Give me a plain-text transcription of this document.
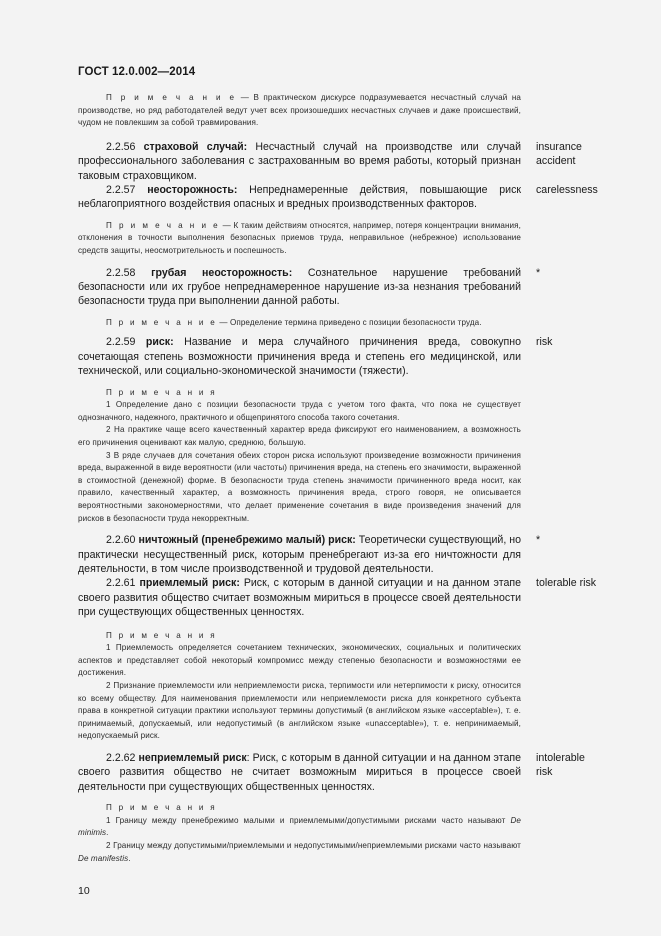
ГОСТ 12.0.002—2014

П р и м е ч а н и е — В практическом дискурсе подразумевается несчастный случай на производстве, но ряд работодателей ведут учет всех произошедших несчастных случаев и даже происшествий, чудом не повлекшим за собой травмирования.

2.2.56 страховой случай: Несчастный случай на производстве или случай профессионального заболевания с застрахованным во время работы, который признан таковым страховщиком.

insurance
accident

2.2.57 неосторожность: Непреднамеренные действия, повышающие риск неблагоприятного воздействия опасных и вредных производственных факторов.

carelessness

П р и м е ч а н и е — К таким действиям относятся, например, потеря концентрации внимания, отклонения в точности выполнения безопасных приемов труда, неправильное (небрежное) использование средств защиты, неосмотрительность и поспешность.

2.2.58 грубая неосторожность: Сознательное нарушение требований безопасности или их грубое непреднамеренное нарушение из-за незнания требований безопасности труда при выполнении данной работы.

*

П р и м е ч а н и е — Определение термина приведено с позиции безопасности труда.

2.2.59 риск: Название и мера случайного причинения вреда, совокупно сочетающая степень возможности причинения вреда и степень его медицинской, или технической, или социально-экономической значимости (тяжести).

risk

П р и м е ч а н и я

1 Определение дано с позиции безопасности труда с учетом того факта, что пока не существует однозначного, надежного, практичного и общепринятого способа такого сочетания.

2 На практике чаще всего качественный характер вреда фиксируют его наименованием, а возможность его причинения оценивают как малую, среднюю, большую.

3 В ряде случаев для сочетания обеих сторон риска используют произведение возможности причинения вреда, выраженной в виде вероятности (или частоты) причинения вреда, на степень его значимости, выраженной в стоимостной (денежной) форме. В безопасности труда степень значимости причиненного вреда носит, как правило, качественный характер, а возможность причинения вреда, строго говоря, не описывается вероятностными закономерностями, что делает применение сочетания в виде произведения значений для рисков в безопасности труда некорректным.

2.2.60 ничтожный (пренебрежимо малый) риск: Теоретически существующий, но практически несущественный риск, которым пренебрегают из-за его ничтожности для деятельности, в том числе производственной и трудовой деятельности.

*

2.2.61 приемлемый риск: Риск, с которым в данной ситуации и на данном этапе своего развития общество считает возможным мириться в процессе своей деятельности при существующих общественных ценностях.

tolerable risk

П р и м е ч а н и я

1 Приемлемость определяется сочетанием технических, экономических, социальных и политических аспектов и представляет собой некоторый компромисс между степенью безопасности и возможностями ее достижения.

2 Признание приемлемости или неприемлемости риска, терпимости или нетерпимости к риску, относится ко всему обществу. Для наименования приемлемости или неприемлемости риска для конкретного субъекта права в конкретной ситуации практики используют термины допустимый (в английском языке «acceptable»), т. е. принимаемый, допускаемый, или недопустимый (в английском языке «unacceptable»), т. е. непринимаемый, недопускаемый риск.

2.2.62 неприемлемый риск: Риск, с которым в данной ситуации и на данном этапе своего развития общество не считает возможным мириться в процессе своей деятельности при существующих общественных ценностях.

intolerable
risk

П р и м е ч а н и я

1 Границу между пренебрежимо малыми и приемлемыми/допустимыми рисками часто называют De minimis.

2 Границу между допустимыми/приемлемыми и недопустимыми/неприемлемыми рисками часто называют De manifestis.

10
